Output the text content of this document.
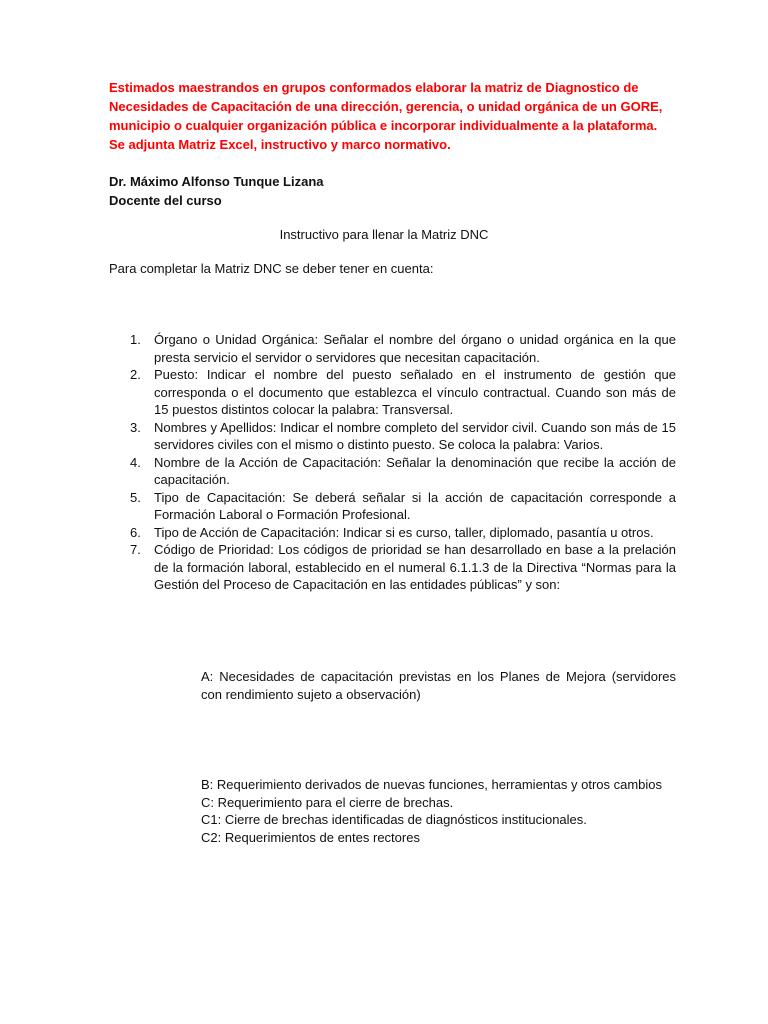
Estimados maestrandos en grupos conformados elaborar la matriz de Diagnostico de Necesidades de Capacitación de una dirección, gerencia, o unidad orgánica de un GORE, municipio o cualquier organización pública e incorporar individualmente a la plataforma. Se adjunta Matriz Excel, instructivo y marco normativo.

Dr. Máximo Alfonso Tunque Lizana
Docente del curso
Instructivo para llenar la Matriz DNC

Para completar la Matriz DNC se deber tener en cuenta:

1. Órgano o Unidad Orgánica: Señalar el nombre del órgano o unidad orgánica en la que presta servicio el servidor o servidores que necesitan capacitación.
2. Puesto: Indicar el nombre del puesto señalado en el instrumento de gestión que corresponda o el documento que establezca el vínculo contractual. Cuando son más de 15 puestos distintos colocar la palabra: Transversal.
3. Nombres y Apellidos: Indicar el nombre completo del servidor civil. Cuando son más de 15 servidores civiles con el mismo o distinto puesto. Se coloca la palabra: Varios.
4. Nombre de la Acción de Capacitación: Señalar la denominación que recibe la acción de capacitación.
5. Tipo de Capacitación: Se deberá señalar si la acción de capacitación corresponde a Formación Laboral o Formación Profesional.
6. Tipo de Acción de Capacitación: Indicar si es curso, taller, diplomado, pasantía u otros.
7. Código de Prioridad: Los códigos de prioridad se han desarrollado en base a la prelación de la formación laboral, establecido en el numeral 6.1.1.3 de la Directiva “Normas para la Gestión del Proceso de Capacitación en las entidades públicas” y son:

A: Necesidades de capacitación previstas en los Planes de Mejora (servidores con rendimiento sujeto a observación)

B: Requerimiento derivados de nuevas funciones, herramientas y otros cambios
C: Requerimiento para el cierre de brechas.
C1: Cierre de brechas identificadas de diagnósticos institucionales.
C2: Requerimientos de entes rectores
